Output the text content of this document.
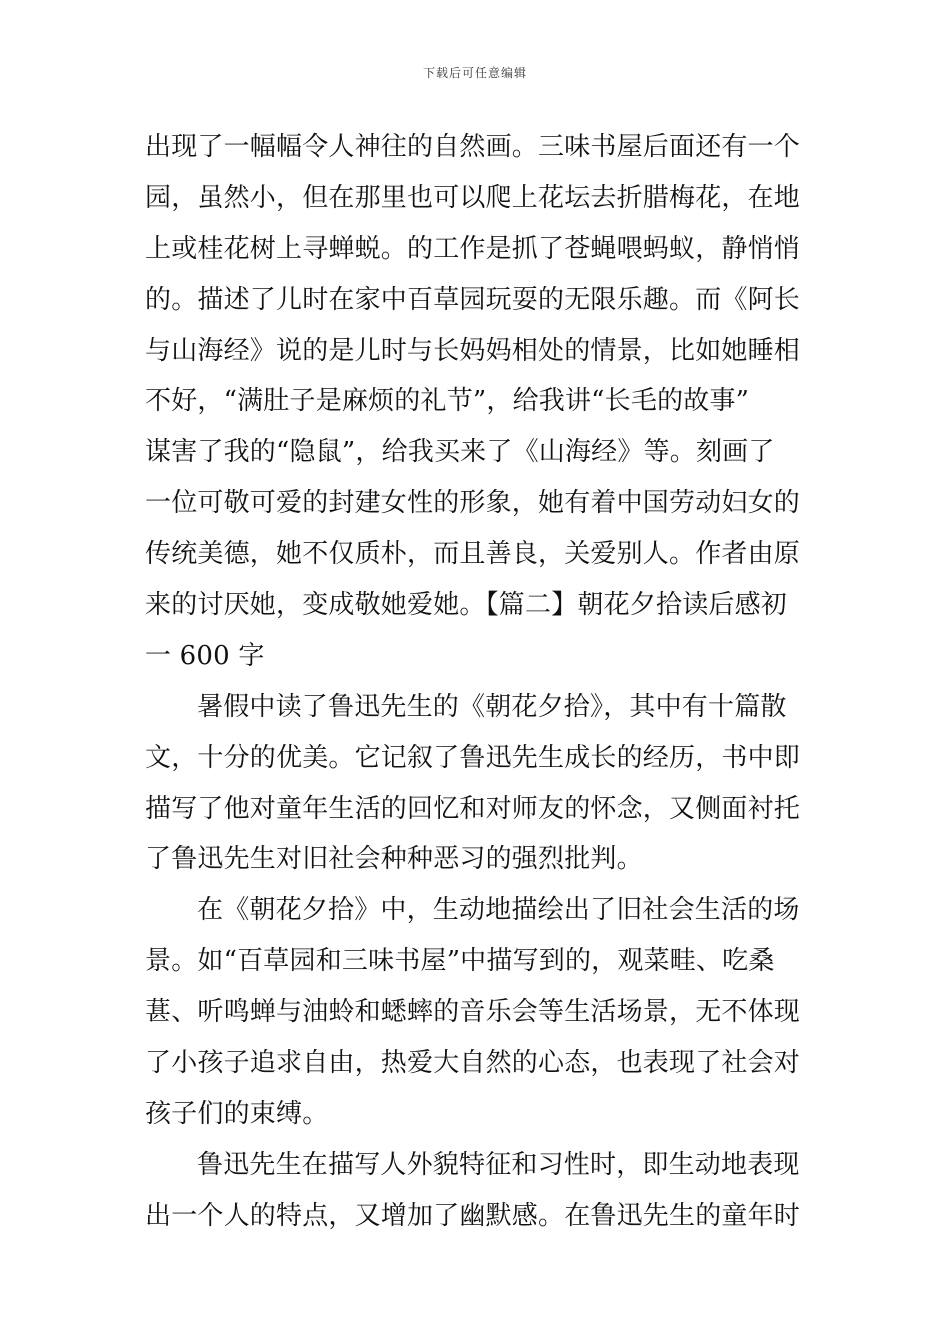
下载后可任意编辑
出现了一幅幅令人神往的自然画。三味书屋后面还有一个
园，虽然小，但在那里也可以爬上花坛去折腊梅花，在地
上或桂花树上寻蝉蜕。的工作是抓了苍蝇喂蚂蚁，静悄悄
的。描述了儿时在家中百草园玩耍的无限乐趣。而《阿长
与山海经》说的是儿时与长妈妈相处的情景，比如她睡相
不好，“满肚子是麻烦的礼节”，给我讲“长毛的故事”
谋害了我的“隐鼠”，给我买来了《山海经》等。刻画了
一位可敬可爱的封建女性的形象，她有着中国劳动妇女的
传统美德，她不仅质朴，而且善良，关爱别人。作者由原
来的讨厌她，变成敬她爱她。【篇二】朝花夕拾读后感初
一 600 字
暑假中读了鲁迅先生的《朝花夕拾》，其中有十篇散
文，十分的优美。它记叙了鲁迅先生成长的经历，书中即
描写了他对童年生活的回忆和对师友的怀念，又侧面衬托
了鲁迅先生对旧社会种种恶习的强烈批判。
在《朝花夕拾》中，生动地描绘出了旧社会生活的场
景。如“百草园和三味书屋”中描写到的，观菜畦、吃桑
葚、听鸣蝉与油蛉和蟋蟀的音乐会等生活场景，无不体现
了小孩子追求自由，热爱大自然的心态，也表现了社会对
孩子们的束缚。
鲁迅先生在描写人外貌特征和习性时，即生动地表现
出一个人的特点，又增加了幽默感。在鲁迅先生的童年时
